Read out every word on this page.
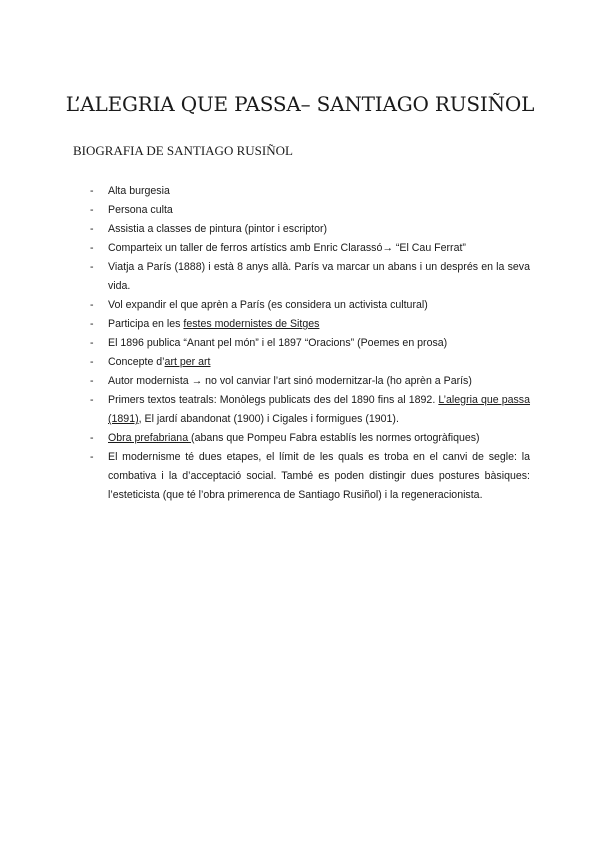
L’ALEGRIA QUE PASSA– SANTIAGO RUSIÑOL
BIOGRAFIA DE SANTIAGO RUSIÑOL
- Alta burgesia
- Persona culta
- Assistia a classes de pintura (pintor i escriptor)
- Comparteix un taller de ferros artístics amb Enric Clarassó→ “El Cau Ferrat”
- Viatja a París (1888) i està 8 anys allà. París va marcar un abans i un després en la seva vida.
- Vol expandir el que aprèn a París (es considera un activista cultural)
- Participa en les festes modernistes de Sitges
- El 1896 publica “Anant pel món” i el 1897 “Oracions” (Poemes en prosa)
- Concepte d’art per art
- Autor modernista → no vol canviar l’art sinó modernitzar-la (ho aprèn a París)
- Primers textos teatrals: Monòlegs publicats des del 1890 fins al 1892. L’alegria que passa (1891), El jardí abandonat (1900) i Cigales i formigues (1901).
- Obra prefabriana (abans que Pompeu Fabra establís les normes ortogràfiques)
- El modernisme té dues etapes, el límit de les quals es troba en el canvi de segle: la combativa i la d’acceptació social. També es poden distingir dues postures bàsiques: l’esteticista (que té l’obra primerenca de Santiago Rusiñol) i la regeneracionista.
